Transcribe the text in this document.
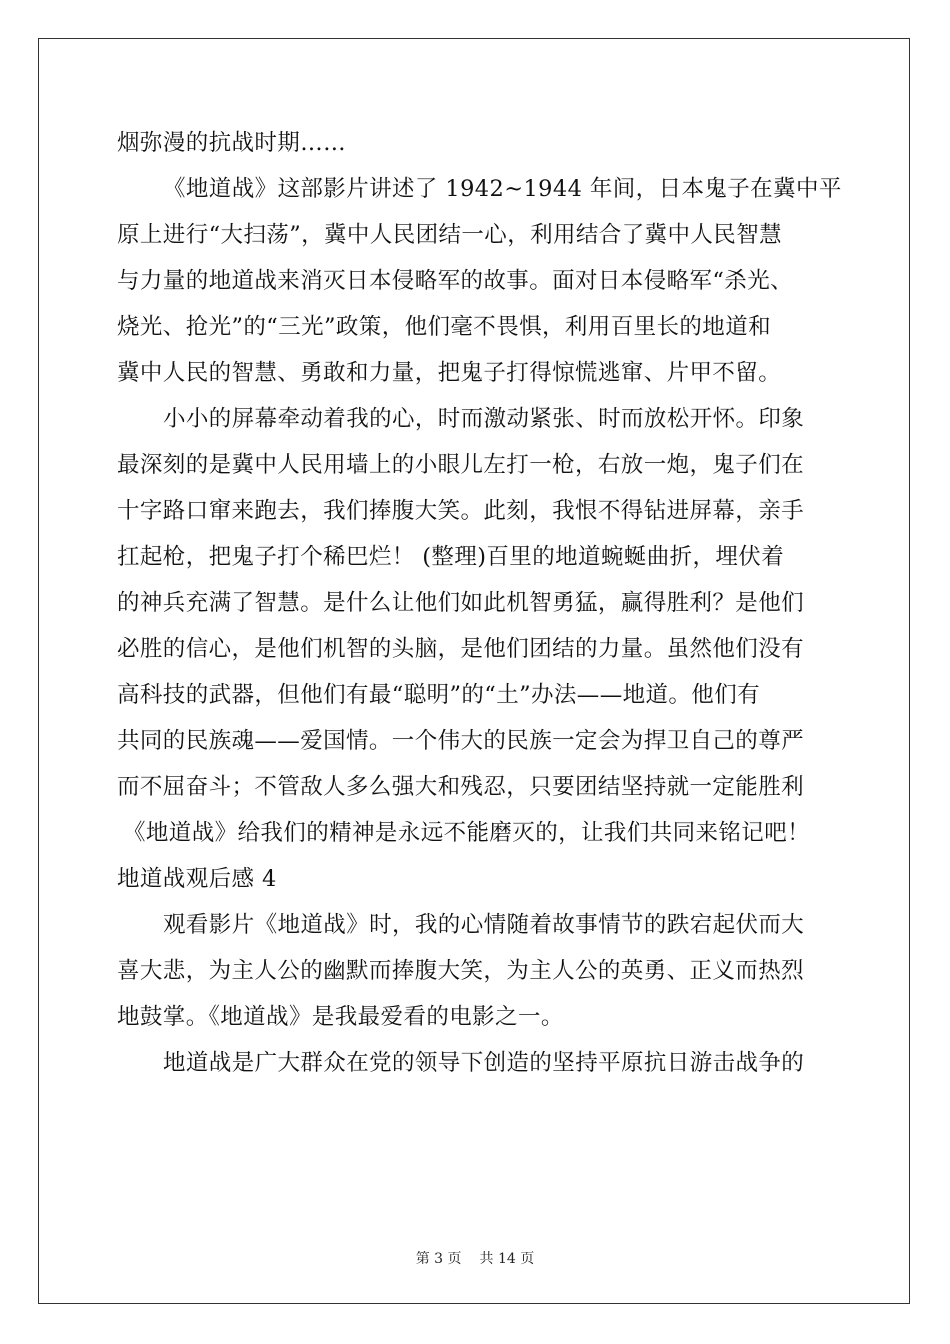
烟弥漫的抗战时期……
《地道战》这部影片讲述了 1942~1944 年间，日本鬼子在冀中平
原上进行“大扫荡”，冀中人民团结一心，利用结合了冀中人民智慧
与力量的地道战来消灭日本侵略军的故事。面对日本侵略军“杀光、
烧光、抢光”的“三光”政策，他们毫不畏惧，利用百里长的地道和
冀中人民的智慧、勇敢和力量，把鬼子打得惊慌逃窜、片甲不留。
小小的屏幕牵动着我的心，时而激动紧张、时而放松开怀。印象
最深刻的是冀中人民用墙上的小眼儿左打一枪，右放一炮，鬼子们在
十字路口窜来跑去，我们捧腹大笑。此刻，我恨不得钻进屏幕，亲手
扛起枪，把鬼子打个稀巴烂！ (整理)百里的地道蜿蜒曲折，埋伏着
的神兵充满了智慧。是什么让他们如此机智勇猛，赢得胜利？是他们
必胜的信心，是他们机智的头脑，是他们团结的力量。虽然他们没有
高科技的武器，但他们有最“聪明”的“土”办法——地道。他们有
共同的民族魂——爱国情。一个伟大的民族一定会为捍卫自己的尊严
而不屈奋斗；不管敌人多么强大和残忍，只要团结坚持就一定能胜利
《地道战》给我们的精神是永远不能磨灭的，让我们共同来铭记吧！
地道战观后感 4
观看影片《地道战》时，我的心情随着故事情节的跌宕起伏而大
喜大悲，为主人公的幽默而捧腹大笑，为主人公的英勇、正义而热烈
地鼓掌。《地道战》是我最爱看的电影之一。
地道战是广大群众在党的领导下创造的坚持平原抗日游击战争的
第 3 页 共 14 页
